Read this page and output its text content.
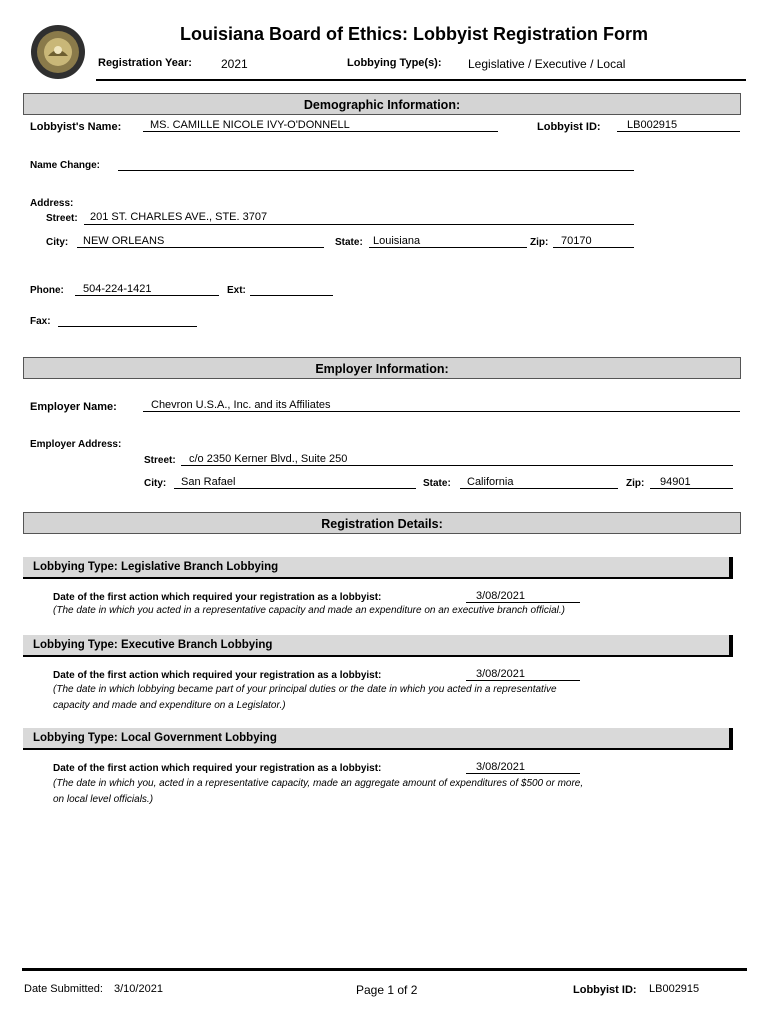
Louisiana Board of Ethics: Lobbyist Registration Form
Registration Year: 2021	Lobbying Type(s): Legislative / Executive / Local
Demographic Information:
Lobbyist's Name:	MS. CAMILLE NICOLE IVY-O'DONNELL	Lobbyist ID: LB002915
Name Change:
Address:
Street: 201 ST. CHARLES AVE., STE. 3707
City: NEW ORLEANS	State: Louisiana	Zip: 70170
Phone: 504-224-1421	Ext:
Fax:
Employer Information:
Employer Name:	Chevron U.S.A., Inc. and its Affiliates
Employer Address:
Street: c/o 2350 Kerner Blvd., Suite 250
City: San Rafael	State: California	Zip: 94901
Registration Details:
Lobbying Type: Legislative Branch Lobbying
Date of the first action which required your registration as a lobbyist:	3/08/2021
(The date in which you acted in a representative capacity and made an expenditure on an executive branch official.)
Lobbying Type: Executive Branch Lobbying
Date of the first action which required your registration as a lobbyist:	3/08/2021
(The date in which lobbying became part of your principal duties or the date in which you acted in a representative
capacity and made and expenditure on a Legislator.)
Lobbying Type: Local Government Lobbying
Date of the first action which required your registration as a lobbyist:	3/08/2021
(The date in which you, acted in a representative capacity, made an aggregate amount of expenditures of $500 or more,
on local level officials.)
Date Submitted: 3/10/2021	Page 1 of 2	Lobbyist ID: LB002915
